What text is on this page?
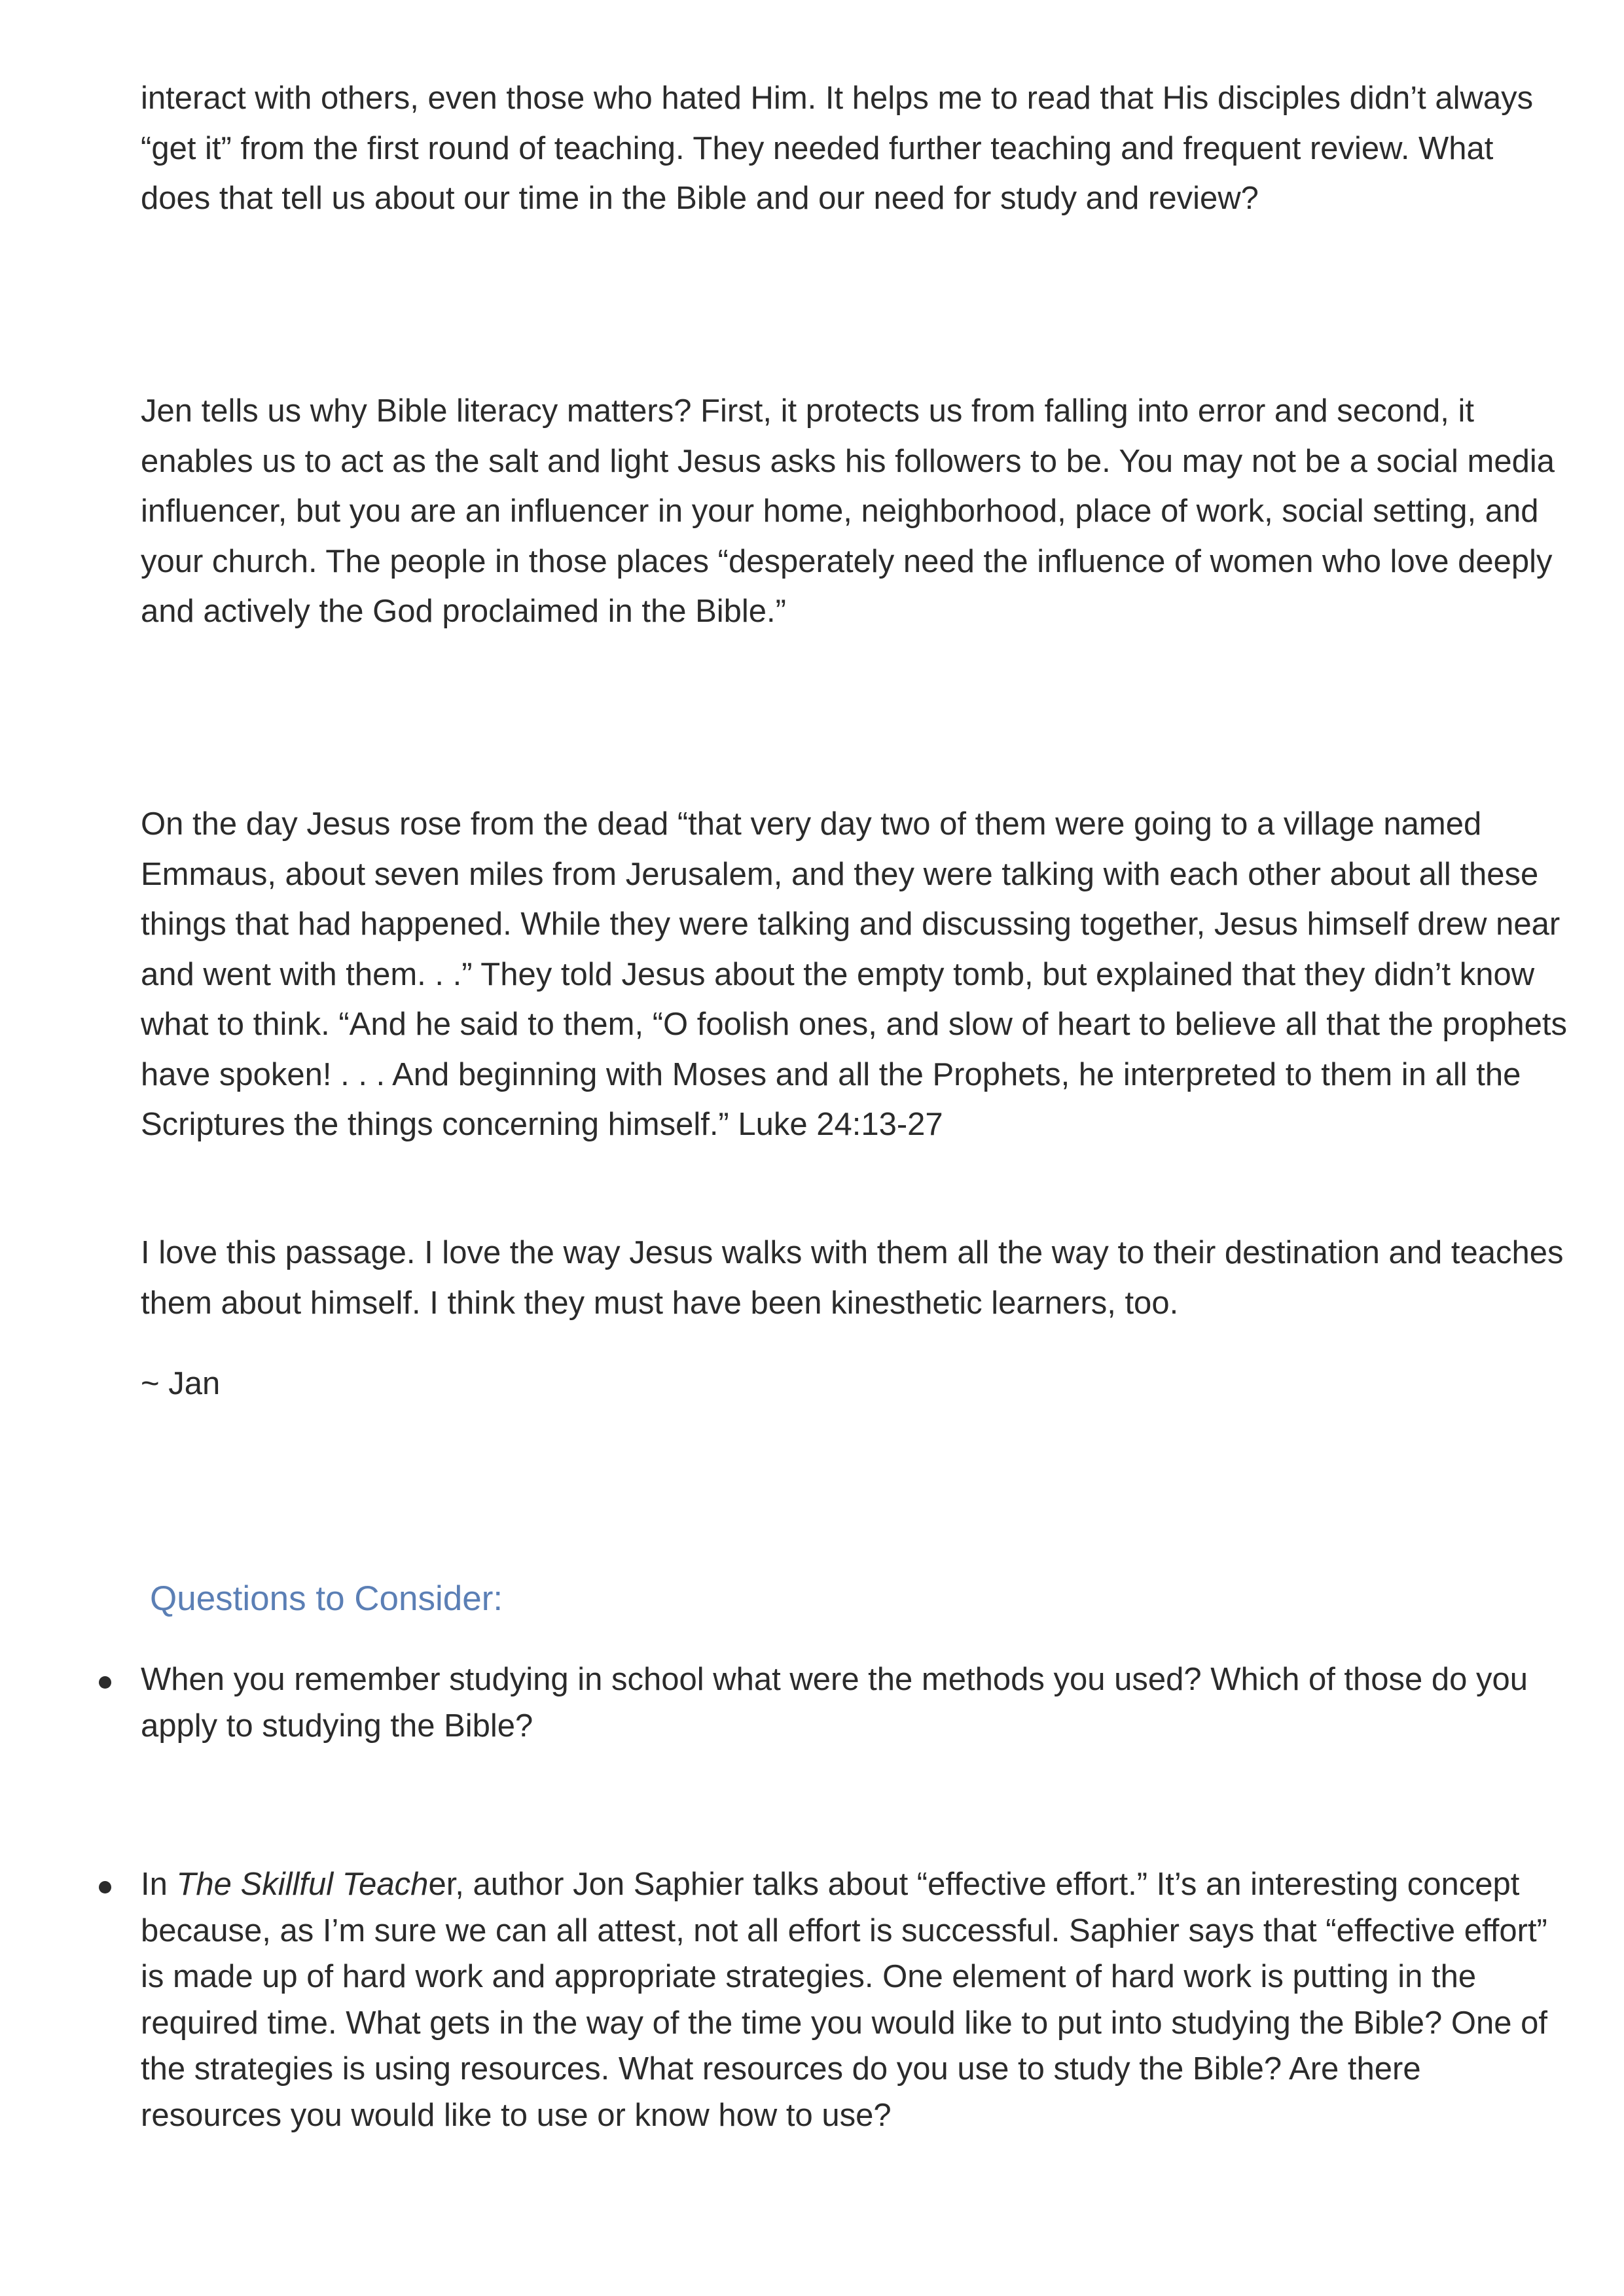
interact with others, even those who hated Him. It helps me to read that His disciples didn’t always “get it” from the first round of teaching. They needed further teaching and frequent review. What does that tell us about our time in the Bible and our need for study and review?

Jen tells us why Bible literacy matters? First, it protects us from falling into error and second, it enables us to act as the salt and light Jesus asks his followers to be. You may not be a social media influencer, but you are an influencer in your home, neighborhood, place of work, social setting, and your church. The people in those places “desperately need the influence of women who love deeply and actively the God proclaimed in the Bible.”

On the day Jesus rose from the dead “that very day two of them were going to a village named Emmaus, about seven miles from Jerusalem, and they were talking with each other about all these things that had happened. While they were talking and discussing together, Jesus himself drew near and went with them. . .” They told Jesus about the empty tomb, but explained that they didn’t know what to think. “And he said to them, “O foolish ones, and slow of heart to believe all that the prophets have spoken! . . . And beginning with Moses and all the Prophets, he interpreted to them in all the Scriptures the things concerning himself.” Luke 24:13-27

I love this passage. I love the way Jesus walks with them all the way to their destination and teaches them about himself. I think they must have been kinesthetic learners, too.

~ Jan

Questions to Consider:
When you remember studying in school what were the methods you used? Which of those do you apply to studying the Bible?
In The Skillful Teacher, author Jon Saphier talks about “effective effort.” It’s an interesting concept because, as I’m sure we can all attest, not all effort is successful. Saphier says that “effective effort” is made up of hard work and appropriate strategies. One element of hard work is putting in the required time. What gets in the way of the time you would like to put into studying the Bible? One of the strategies is using resources. What resources do you use to study the Bible? Are there resources you would like to use or know how to use?
